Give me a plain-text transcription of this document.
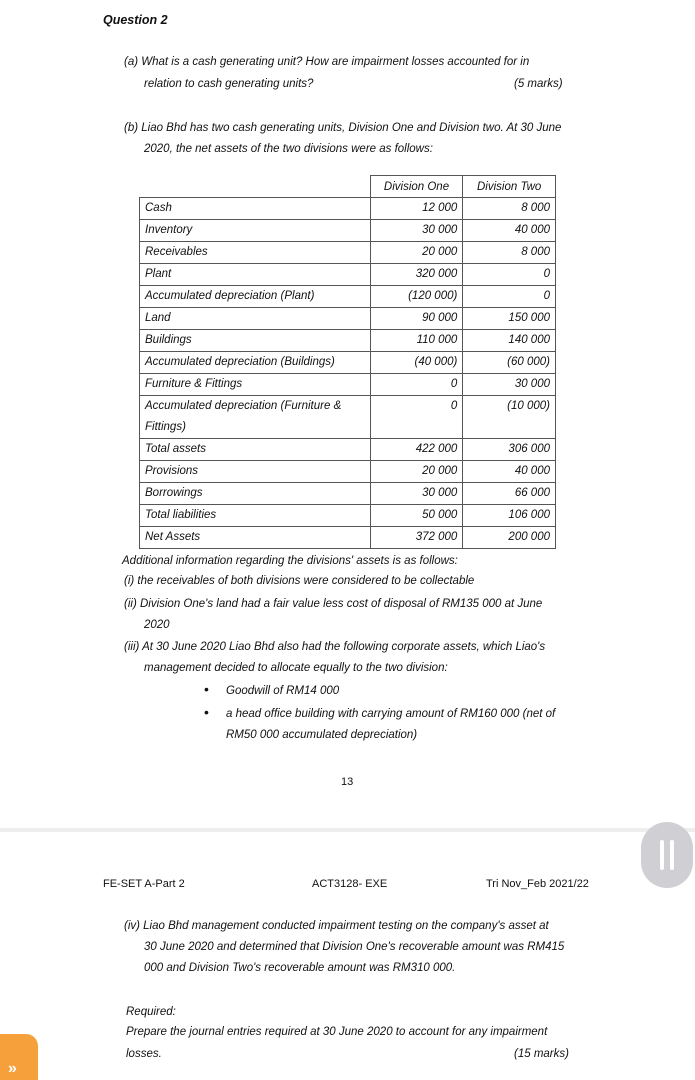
Question 2
(a) What is a cash generating unit? How are impairment losses accounted for in
relation to cash generating units?	(5 marks)
(b) Liao Bhd has two cash generating units, Division One and Division two. At 30 June
2020, the net assets of the two divisions were as follows:
	Division One	Division Two
Cash	12 000	8 000
Inventory	30 000	40 000
Receivables	20 000	8 000
Plant	320 000	0
Accumulated depreciation (Plant)	(120 000)	0
Land	90 000	150 000
Buildings	110 000	140 000
Accumulated depreciation (Buildings)	(40 000)	(60 000)
Furniture & Fittings	0	30 000
Accumulated depreciation (Furniture & Fittings)	0	(10 000)
Total assets	422 000	306 000
Provisions	20 000	40 000
Borrowings	30 000	66 000
Total liabilities	50 000	106 000
Net Assets	372 000	200 000
Additional information regarding the divisions' assets is as follows:
(i) the receivables of both divisions were considered to be collectable
(ii) Division One's land had a fair value less cost of disposal of RM135 000 at June
2020
(iii) At 30 June 2020 Liao Bhd also had the following corporate assets, which Liao's
management decided to allocate equally to the two division:
• Goodwill of RM14 000
• a head office building with carrying amount of RM160 000 (net of
RM50 000 accumulated depreciation)
13
FE-SET A-Part 2	ACT3128- EXE	Tri Nov_Feb 2021/22
(iv) Liao Bhd management conducted impairment testing on the company's asset at
30 June 2020 and determined that Division One's recoverable amount was RM415
000 and Division Two's recoverable amount was RM310 000.
Required:
Prepare the journal entries required at 30 June 2020 to account for any impairment
losses.	(15 marks)
»
